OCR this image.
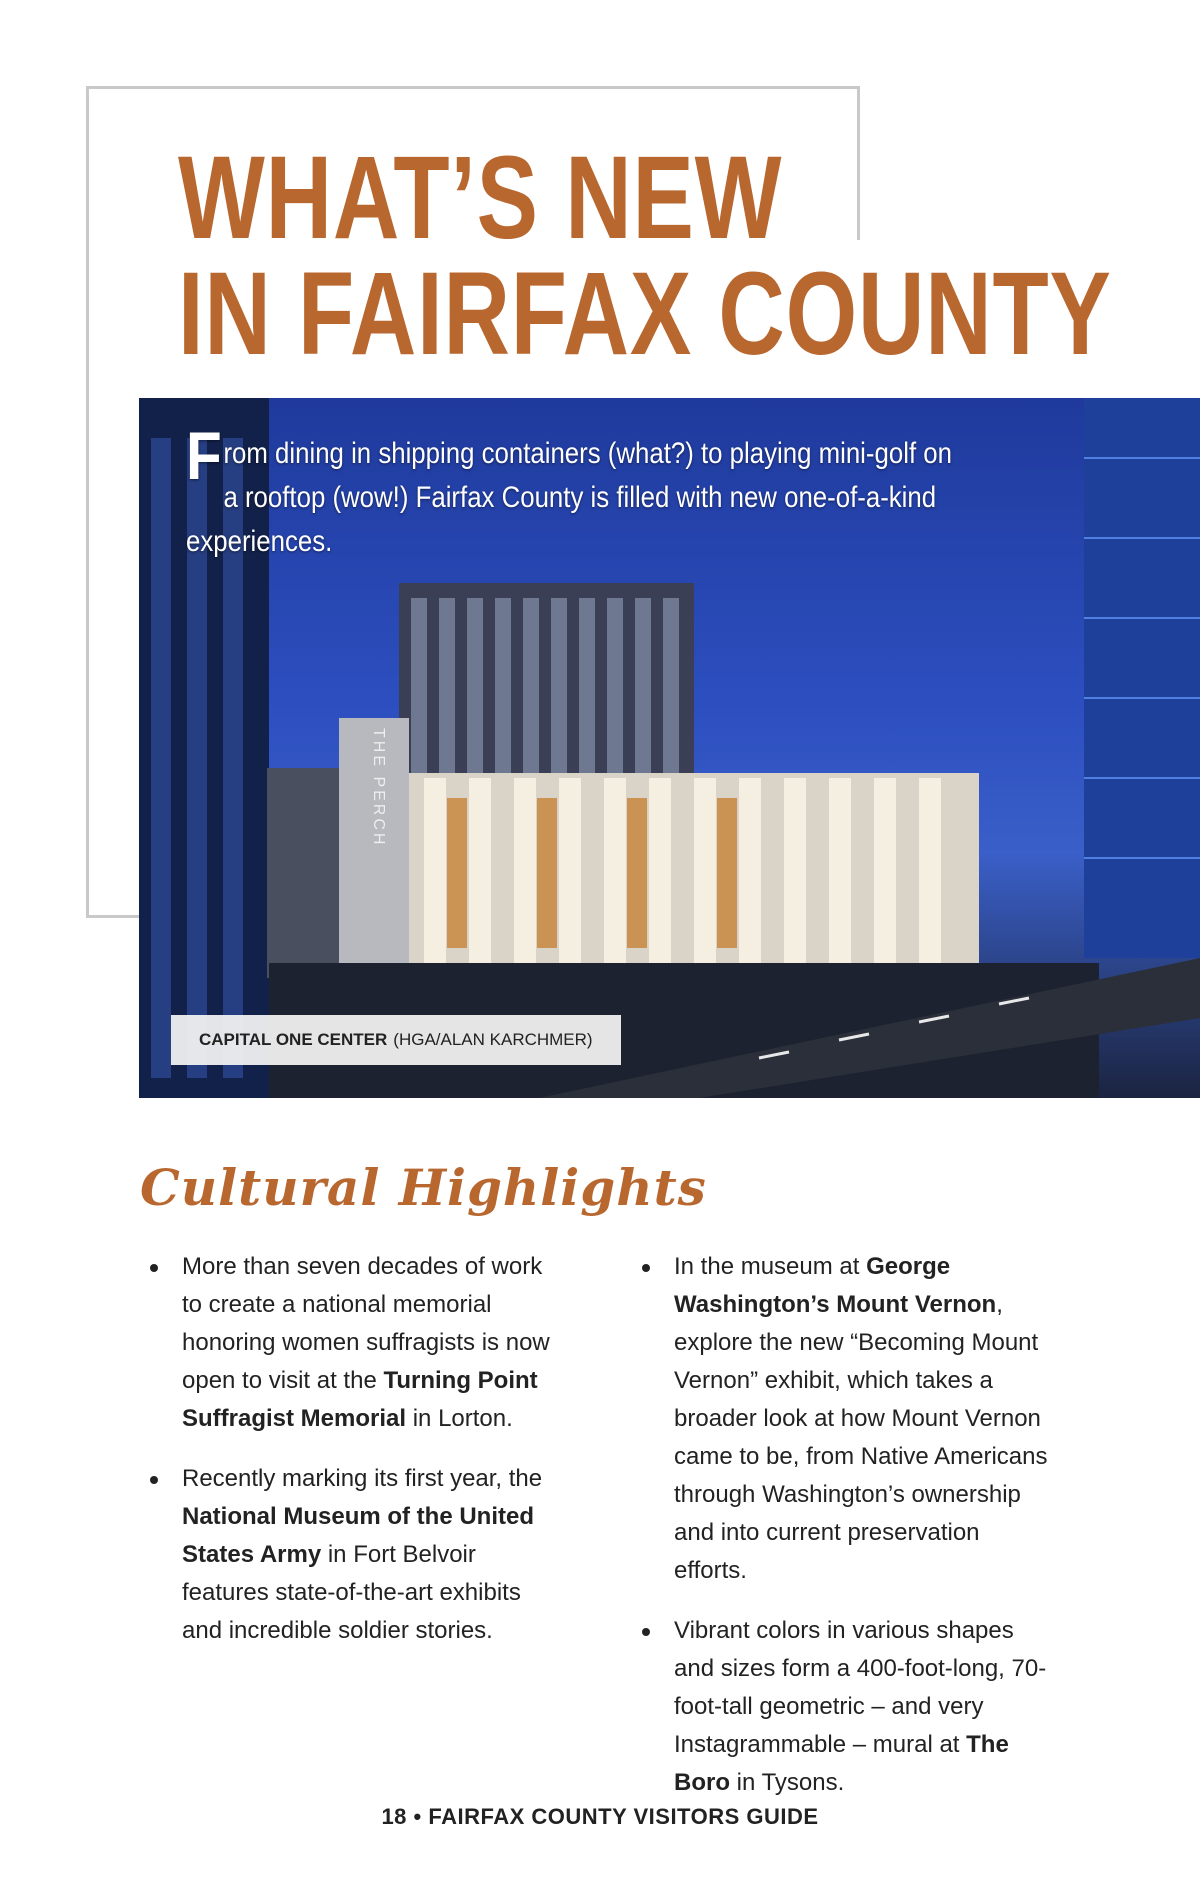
WHAT’S NEW
IN FAIRFAX COUNTY
THE PERCH

From dining in shipping containers (what?) to playing mini-golf on a rooftop (wow!) Fairfax County is filled with new one-of-a-kind experiences.

CAPITAL ONE CENTER (HGA/ALAN KARCHMER)
Cultural Highlights
More than seven decades of work to create a national memorial honoring women suffragists is now open to visit at the Turning Point Suffragist Memorial in Lorton.
Recently marking its first year, the National Museum of the United States Army in Fort Belvoir features state-of-the-art exhibits and incredible soldier stories.
In the museum at George Washington’s Mount Vernon, explore the new “Becoming Mount Vernon” exhibit, which takes a broader look at how Mount Vernon came to be, from Native Americans through Washington’s ownership and into current preservation efforts.
Vibrant colors in various shapes and sizes form a 400-foot-long, 70-foot-tall geometric – and very Instagrammable – mural at The Boro in Tysons.
18 • FAIRFAX COUNTY VISITORS GUIDE
